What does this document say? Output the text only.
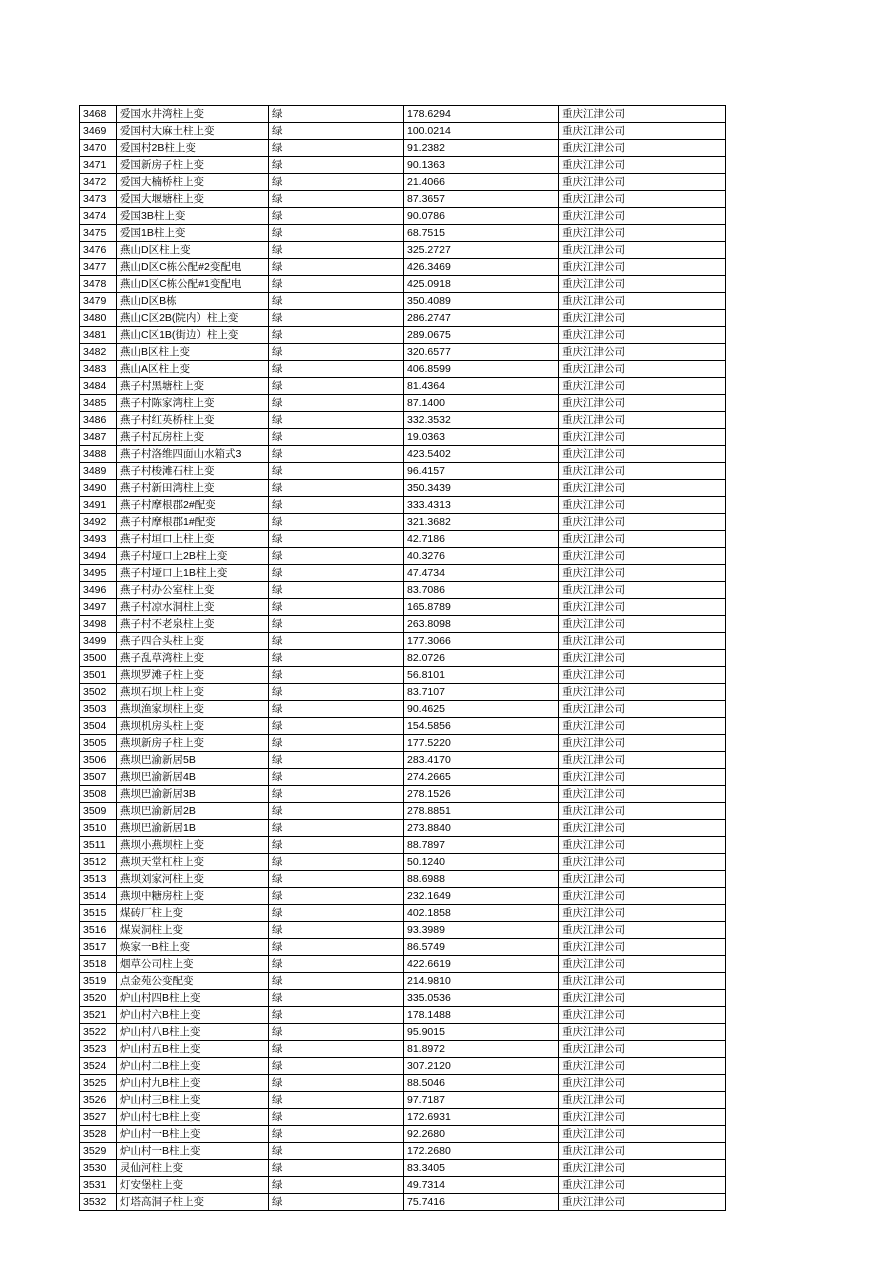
3468	爱国水井湾柱上变	绿	178.6294	重庆江津公司
3469	爱国村大麻土柱上变	绿	100.0214	重庆江津公司
3470	爱国村2B柱上变	绿	91.2382	重庆江津公司
3471	爱国新房子柱上变	绿	90.1363	重庆江津公司
3472	爱国大楠桥柱上变	绿	21.4066	重庆江津公司
3473	爱国大堰塘柱上变	绿	87.3657	重庆江津公司
3474	爱国3B柱上变	绿	90.0786	重庆江津公司
3475	爱国1B柱上变	绿	68.7515	重庆江津公司
3476	燕山D区柱上变	绿	325.2727	重庆江津公司
3477	燕山D区C栋公配#2变配电	绿	426.3469	重庆江津公司
3478	燕山D区C栋公配#1变配电	绿	425.0918	重庆江津公司
3479	燕山D区B栋	绿	350.4089	重庆江津公司
3480	燕山C区2B(院内）柱上变	绿	286.2747	重庆江津公司
3481	燕山C区1B(街边）柱上变	绿	289.0675	重庆江津公司
3482	燕山B区柱上变	绿	320.6577	重庆江津公司
3483	燕山A区柱上变	绿	406.8599	重庆江津公司
3484	燕子村黑塘柱上变	绿	81.4364	重庆江津公司
3485	燕子村陈家湾柱上变	绿	87.1400	重庆江津公司
3486	燕子村红英桥柱上变	绿	332.3532	重庆江津公司
3487	燕子村瓦房柱上变	绿	19.0363	重庆江津公司
3488	燕子村洛维四面山水箱式3	绿	423.5402	重庆江津公司
3489	燕子村梭滩石柱上变	绿	96.4157	重庆江津公司
3490	燕子村新田湾柱上变	绿	350.3439	重庆江津公司
3491	燕子村摩根郡2#配变	绿	333.4313	重庆江津公司
3492	燕子村摩根郡1#配变	绿	321.3682	重庆江津公司
3493	燕子村垣口上柱上变	绿	42.7186	重庆江津公司
3494	燕子村垭口上2B柱上变	绿	40.3276	重庆江津公司
3495	燕子村垭口上1B柱上变	绿	47.4734	重庆江津公司
3496	燕子村办公室柱上变	绿	83.7086	重庆江津公司
3497	燕子村凉水洞柱上变	绿	165.8789	重庆江津公司
3498	燕子村不老泉柱上变	绿	263.8098	重庆江津公司
3499	燕子四合头柱上变	绿	177.3066	重庆江津公司
3500	燕子乱草湾柱上变	绿	82.0726	重庆江津公司
3501	燕坝罗滩子柱上变	绿	56.8101	重庆江津公司
3502	燕坝石坝上柱上变	绿	83.7107	重庆江津公司
3503	燕坝渔家坝柱上变	绿	90.4625	重庆江津公司
3504	燕坝机房头柱上变	绿	154.5856	重庆江津公司
3505	燕坝新房子柱上变	绿	177.5220	重庆江津公司
3506	燕坝巴渝新居5B	绿	283.4170	重庆江津公司
3507	燕坝巴渝新居4B	绿	274.2665	重庆江津公司
3508	燕坝巴渝新居3B	绿	278.1526	重庆江津公司
3509	燕坝巴渝新居2B	绿	278.8851	重庆江津公司
3510	燕坝巴渝新居1B	绿	273.8840	重庆江津公司
3511	燕坝小燕坝柱上变	绿	88.7897	重庆江津公司
3512	燕坝天堂杠柱上变	绿	50.1240	重庆江津公司
3513	燕坝刘家河柱上变	绿	88.6988	重庆江津公司
3514	燕坝中糖房柱上变	绿	232.1649	重庆江津公司
3515	煤砖厂柱上变	绿	402.1858	重庆江津公司
3516	煤炭洞柱上变	绿	93.3989	重庆江津公司
3517	焕家一B柱上变	绿	86.5749	重庆江津公司
3518	烟草公司柱上变	绿	422.6619	重庆江津公司
3519	点金苑公变配变	绿	214.9810	重庆江津公司
3520	炉山村四B柱上变	绿	335.0536	重庆江津公司
3521	炉山村六B柱上变	绿	178.1488	重庆江津公司
3522	炉山村八B柱上变	绿	95.9015	重庆江津公司
3523	炉山村五B柱上变	绿	81.8972	重庆江津公司
3524	炉山村二B柱上变	绿	307.2120	重庆江津公司
3525	炉山村九B柱上变	绿	88.5046	重庆江津公司
3526	炉山村三B柱上变	绿	97.7187	重庆江津公司
3527	炉山村七B柱上变	绿	172.6931	重庆江津公司
3528	炉山村一B柱上变	绿	92.2680	重庆江津公司
3529	炉山村一B柱上变	绿	172.2680	重庆江津公司
3530	灵仙河柱上变	绿	83.3405	重庆江津公司
3531	灯安堡柱上变	绿	49.7314	重庆江津公司
3532	灯塔高洞子柱上变	绿	75.7416	重庆江津公司
